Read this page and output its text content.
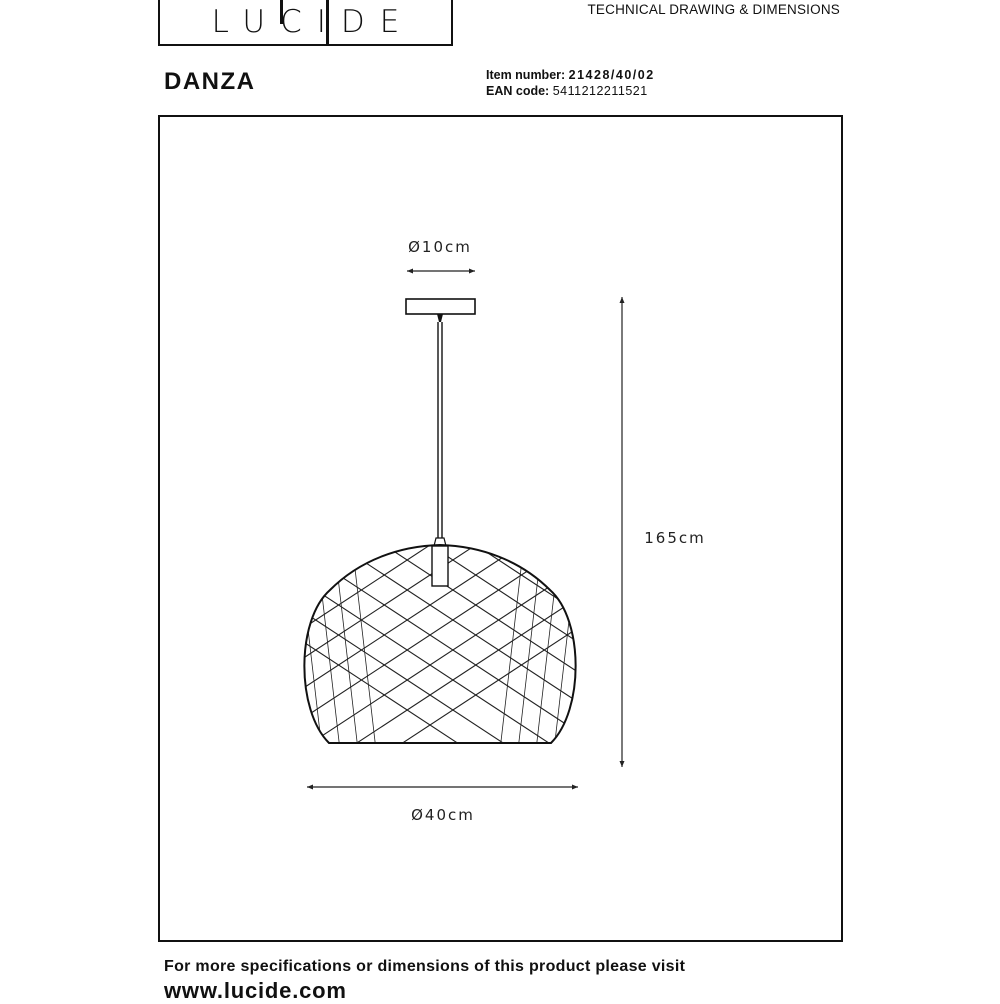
LUCIDE	TECHNICAL DRAWING & DIMENSIONS
DANZA	Item number: 21428/40/02
EAN code: 5411212211521
Ø10cm
165cm
Ø40cm
For more specifications or dimensions of this product please visit
www.lucide.com
